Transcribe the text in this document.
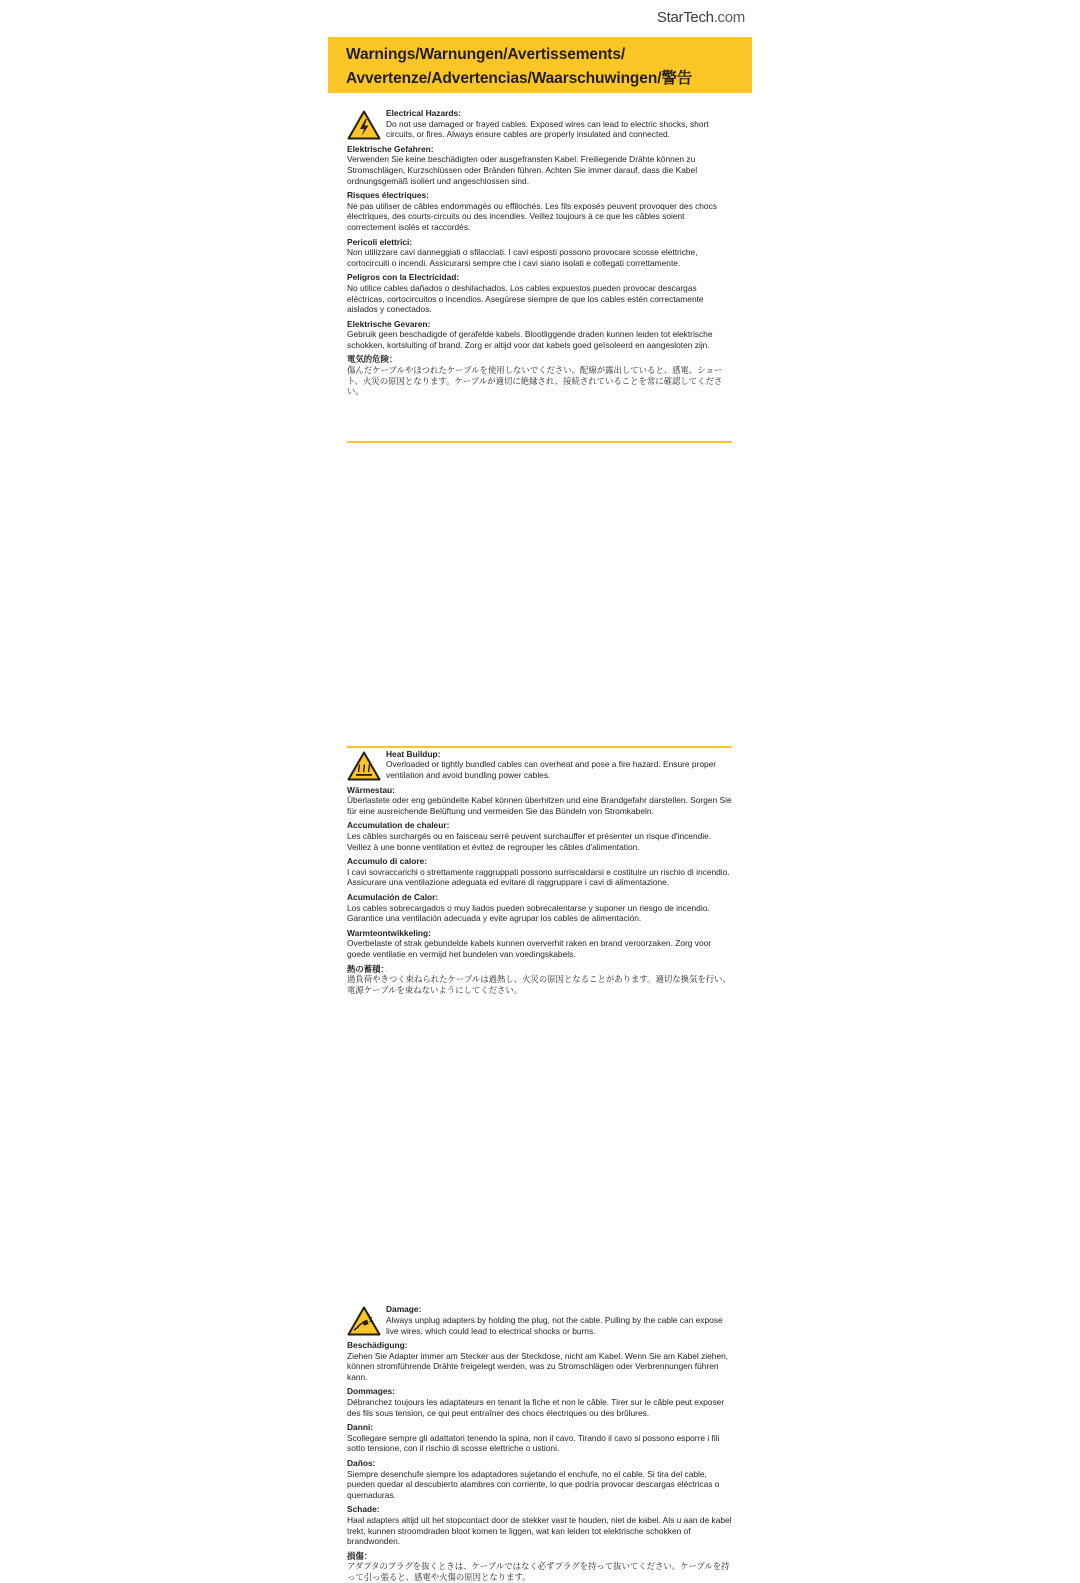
StarTech.com
Warnings/Warnungen/Avertissements/
Avvertenze/Advertencias/Waarschuwingen/警告
Electrical Hazards:
Do not use damaged or frayed cables. Exposed wires can lead to electric shocks, short circuits, or fires. Always ensure cables are properly insulated and connected.
Elektrische Gefahren:
Verwenden Sie keine beschädigten oder ausgefransten Kabel. Freiliegende Drähte können zu Stromschlägen, Kurzschlüssen oder Bränden führen. Achten Sie immer darauf, dass die Kabel ordnungsgemäß isoliert und angeschlossen sind.
Risques électriques:
Ne pas utiliser de câbles endommagés ou effilochés. Les fils exposés peuvent provoquer des chocs électriques, des courts-circuits ou des incendies. Veillez toujours à ce que les câbles soient correctement isolés et raccordés.
Pericoli elettrici:
Non utilizzare cavi danneggiati o sfilacciati. I cavi esposti possono provocare scosse elettriche, cortocircuiti o incendi. Assicurarsi sempre che i cavi siano isolati e collegati correttamente.
Peligros con la Electricidad:
No utilice cables dañados o deshilachados. Los cables expuestos pueden provocar descargas eléctricas, cortocircuitos o incendios. Asegúrese siempre de que los cables estén correctamente aislados y conectados.
Elektrische Gevaren:
Gebruik geen beschadigde of gerafelde kabels. Blootliggende draden kunnen leiden tot elektrische schokken, kortsluiting of brand. Zorg er altijd voor dat kabels goed geïsoleerd en aangesloten zijn.
電気的危険：
傷んだケーブルやほつれたケーブルを使用しないでください。配線が露出していると、感電、ショート、火災の原因となります。ケーブルが適切に絶縁され、接続されていることを常に確認してください。
Heat Buildup:
Overloaded or tightly bundled cables can overheat and pose a fire hazard. Ensure proper ventilation and avoid bundling power cables.
Wärmestau:
Überlastete oder eng gebündelte Kabel können überhitzen und eine Brandgefahr darstellen. Sorgen Sie für eine ausreichende Belüftung und vermeiden Sie das Bündeln von Stromkabeln.
Accumulation de chaleur:
Les câbles surchargés ou en faisceau serré peuvent surchauffer et présenter un risque d'incendie. Veillez à une bonne ventilation et évitez de regrouper les câbles d'alimentation.
Accumulo di calore:
I cavi sovraccarichi o strettamente raggruppati possono surriscaldarsi e costituire un rischio di incendio. Assicurare una ventilazione adeguata ed evitare di raggruppare i cavi di alimentazione.
Acumulación de Calor:
Los cables sobrecargados o muy liados pueden sobrecalentarse y suponer un riesgo de incendio. Garantice una ventilación adecuada y evite agrupar los cables de alimentación.
Warmteontwikkeling:
Overbelaste of strak gebundelde kabels kunnen oververhit raken en brand veroorzaken. Zorg voor goede ventilatie en vermijd het bundelen van voedingskabels.
熱の蓄積：
過負荷やきつく束ねられたケーブルは過熱し、火災の原因となることがあります。適切な換気を行い、電源ケーブルを束ねないようにしてください。
Damage:
Always unplug adapters by holding the plug, not the cable. Pulling by the cable can expose live wires, which could lead to electrical shocks or burns.
Beschädigung:
Ziehen Sie Adapter immer am Stecker aus der Steckdose, nicht am Kabel. Wenn Sie am Kabel ziehen, können stromführende Drähte freigelegt werden, was zu Stromschlägen oder Verbrennungen führen kann.
Dommages:
Débranchez toujours les adaptateurs en tenant la fiche et non le câble. Tirer sur le câble peut exposer des fils sous tension, ce qui peut entraîner des chocs électriques ou des brûlures.
Danni:
Scollegare sempre gli adattatori tenendo la spina, non il cavo. Tirando il cavo si possono esporre i fili sotto tensione, con il rischio di scosse elettriche o ustioni.
Daños:
Siempre desenchufe siempre los adaptadores sujetando el enchufe, no el cable. Si tira del cable, pueden quedar al descubierto alambres con corriente, lo que podría provocar descargas eléctricas o quemaduras.
Schade:
Haal adapters altijd uit het stopcontact door de stekker vast te houden, niet de kabel. Als u aan de kabel trekt, kunnen stroomdraden bloot komen te liggen, wat kan leiden tot elektrische schokken of brandwonden.
損傷：
アダプタのプラグを抜くときは、ケーブルではなく必ずプラグを持って抜いてください。ケーブルを持って引っ張ると、感電や火傷の原因となります。
